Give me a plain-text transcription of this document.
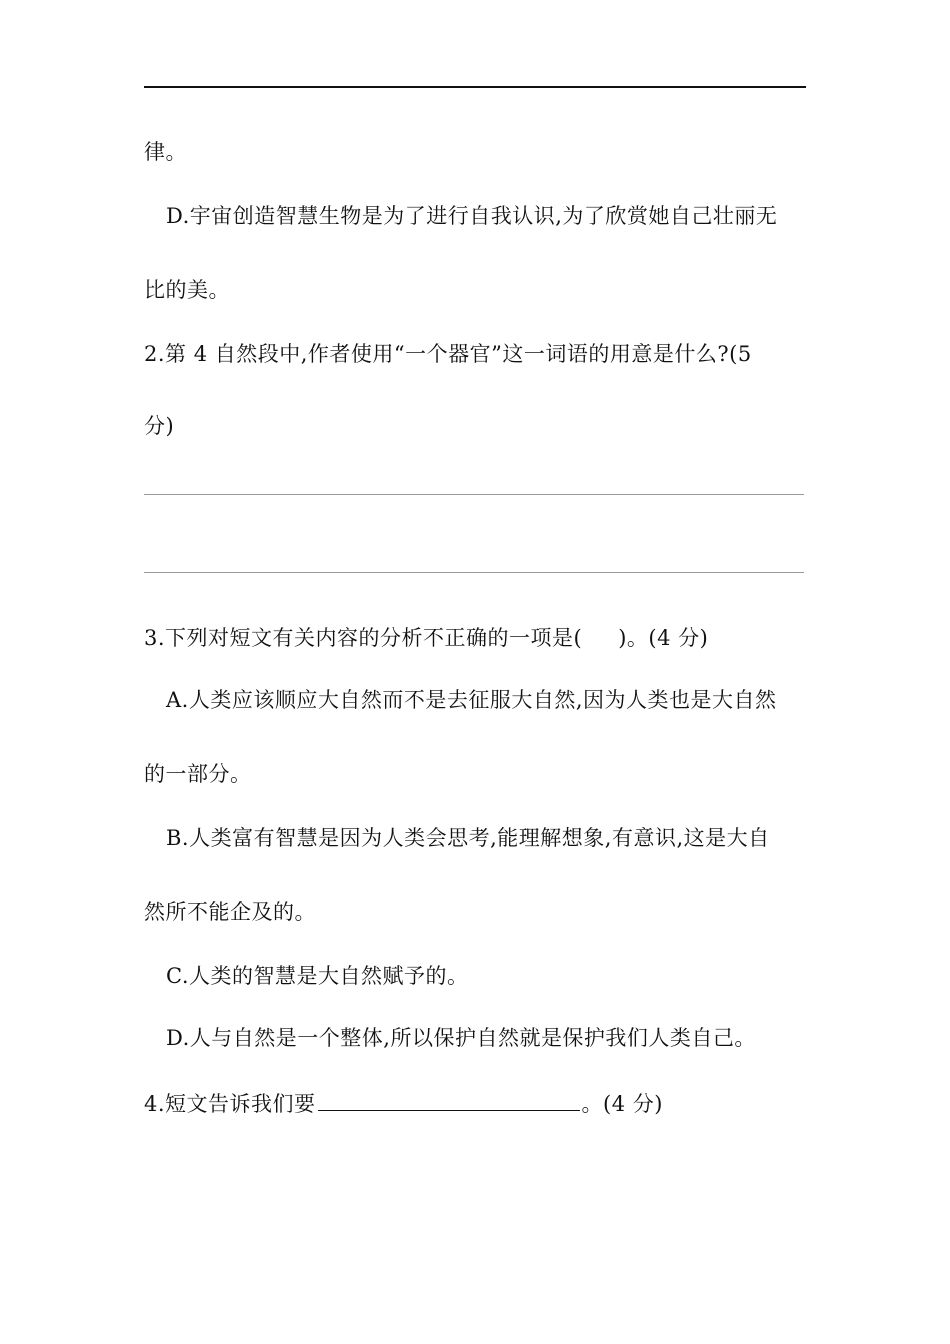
律。
D.宇宙创造智慧生物是为了进行自我认识,为了欣赏她自己壮丽无
比的美。
2.第 4 自然段中,作者使用“一个器官”这一词语的用意是什么?(5
分)
3.下列对短文有关内容的分析不正确的一项是( )。(4 分)
A.人类应该顺应大自然而不是去征服大自然,因为人类也是大自然
的一部分。
B.人类富有智慧是因为人类会思考,能理解想象,有意识,这是大自
然所不能企及的。
C.人类的智慧是大自然赋予的。
D.人与自然是一个整体,所以保护自然就是保护我们人类自己。
4.短文告诉我们要	。(4 分)
